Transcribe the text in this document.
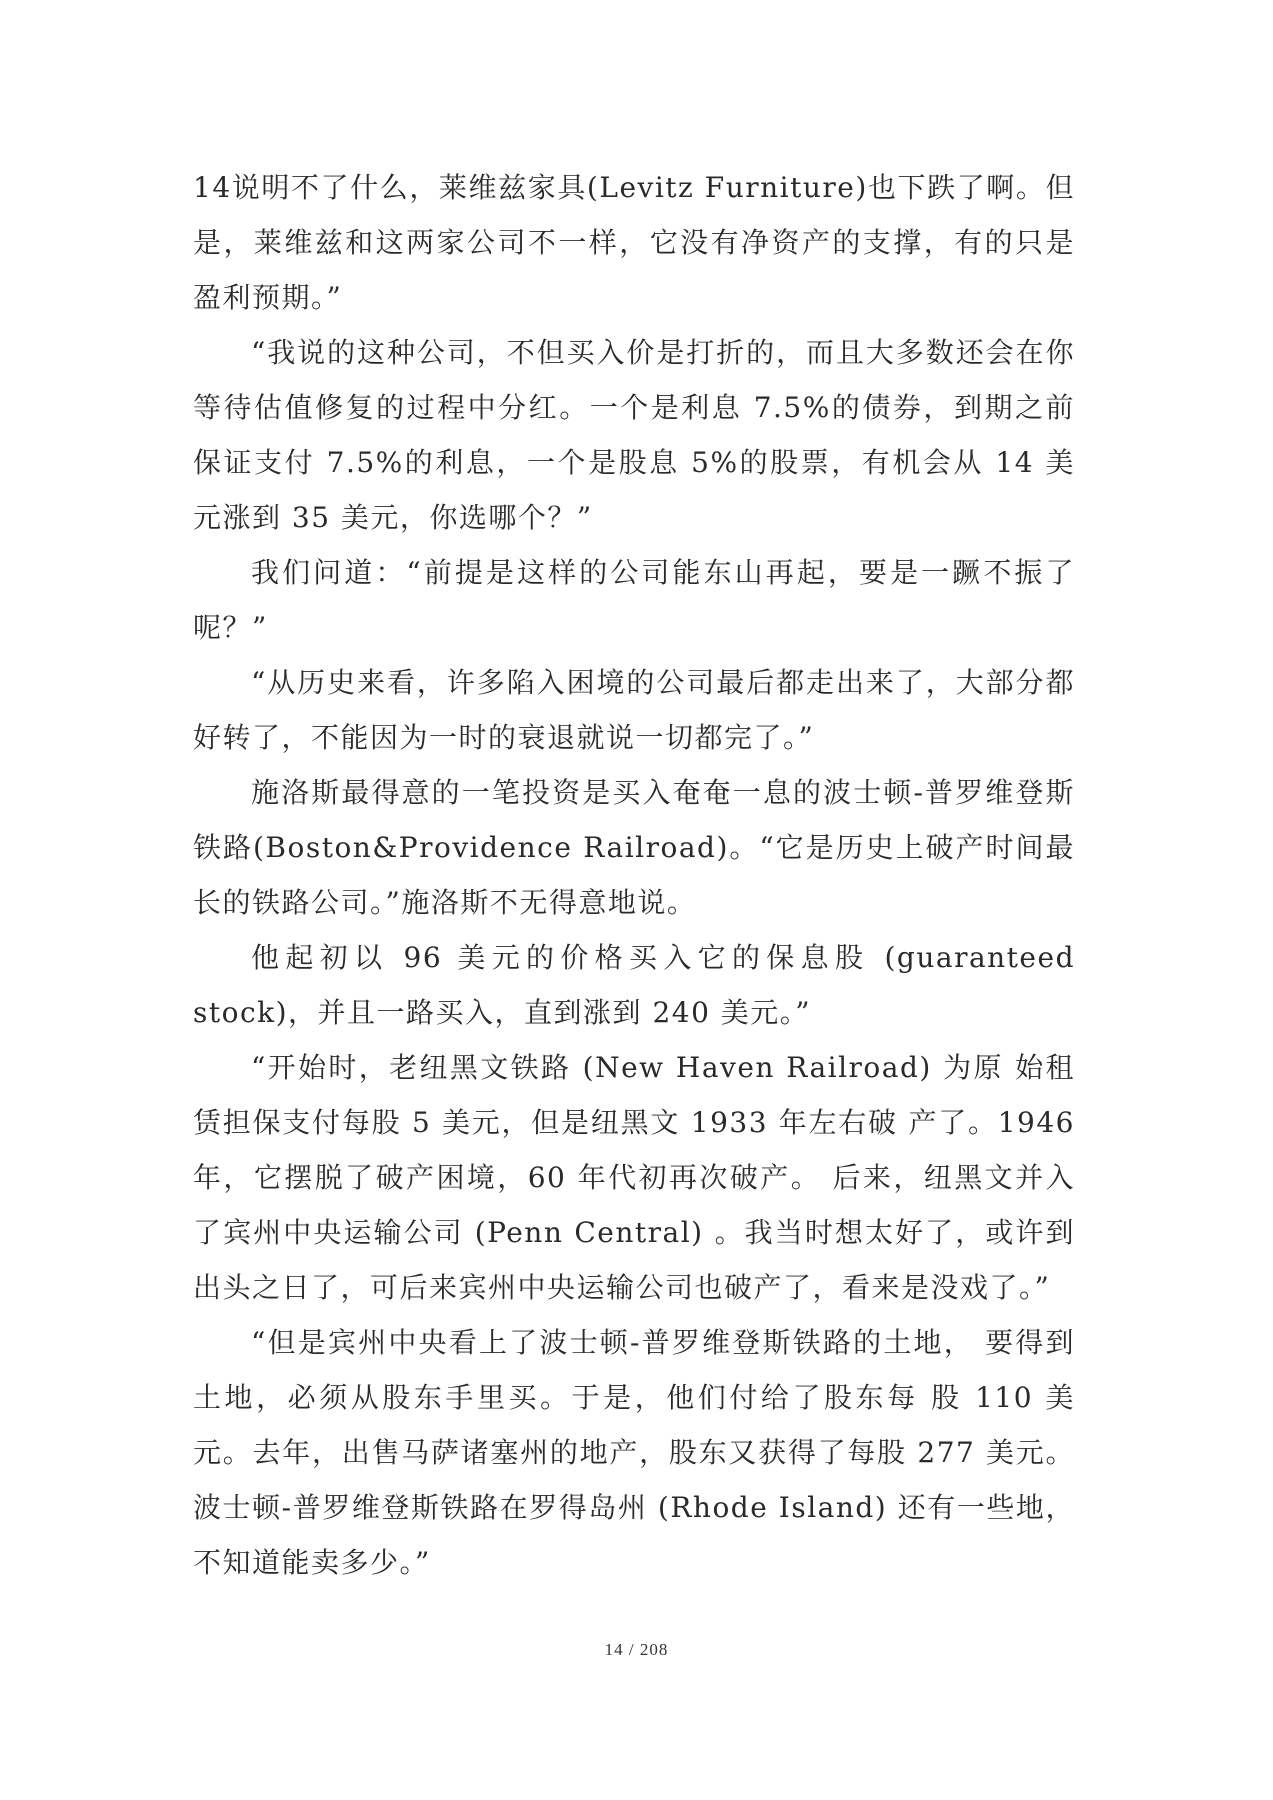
14说明不了什么，莱维兹家具(Levitz Furniture)也下跌了啊。但是，莱维兹和这两家公司不一样，它没有净资产的支撑，有的只是盈利预期。”

“我说的这种公司，不但买入价是打折的，而且大多数还会在你等待估值修复的过程中分红。一个是利息 7.5%的债券，到期之前保证支付 7.5%的利息，一个是股息 5%的股票，有机会从 14 美元涨到 35 美元，你选哪个？”

我们问道：“前提是这样的公司能东山再起，要是一蹶不振了呢？”

“从历史来看，许多陷入困境的公司最后都走出来了，大部分都好转了，不能因为一时的衰退就说一切都完了。”

施洛斯最得意的一笔投资是买入奄奄一息的波士顿-普罗维登斯铁路(Boston&Providence Railroad)。“它是历史上破产时间最长的铁路公司。”施洛斯不无得意地说。

他起初以 96 美元的价格买入它的保息股 (guaranteed stock)，并且一路买入，直到涨到 240 美元。”

“开始时，老纽黑文铁路 (New Haven Railroad) 为原 始租赁担保支付每股 5 美元，但是纽黑文 1933 年左右破 产了。1946 年，它摆脱了破产困境，60 年代初再次破产。 后来，纽黑文并入了宾州中央运输公司 (Penn Central) 。我当时想太好了，或许到出头之日了，可后来宾州中央运输公司也破产了，看来是没戏了。”

“但是宾州中央看上了波士顿-普罗维登斯铁路的土地， 要得到土地，必须从股东手里买。于是，他们付给了股东每 股 110 美元。去年，出售马萨诸塞州的地产，股东又获得了每股 277 美元。波士顿-普罗维登斯铁路在罗得岛州 (Rhode Island) 还有一些地，不知道能卖多少。”

14 / 208
